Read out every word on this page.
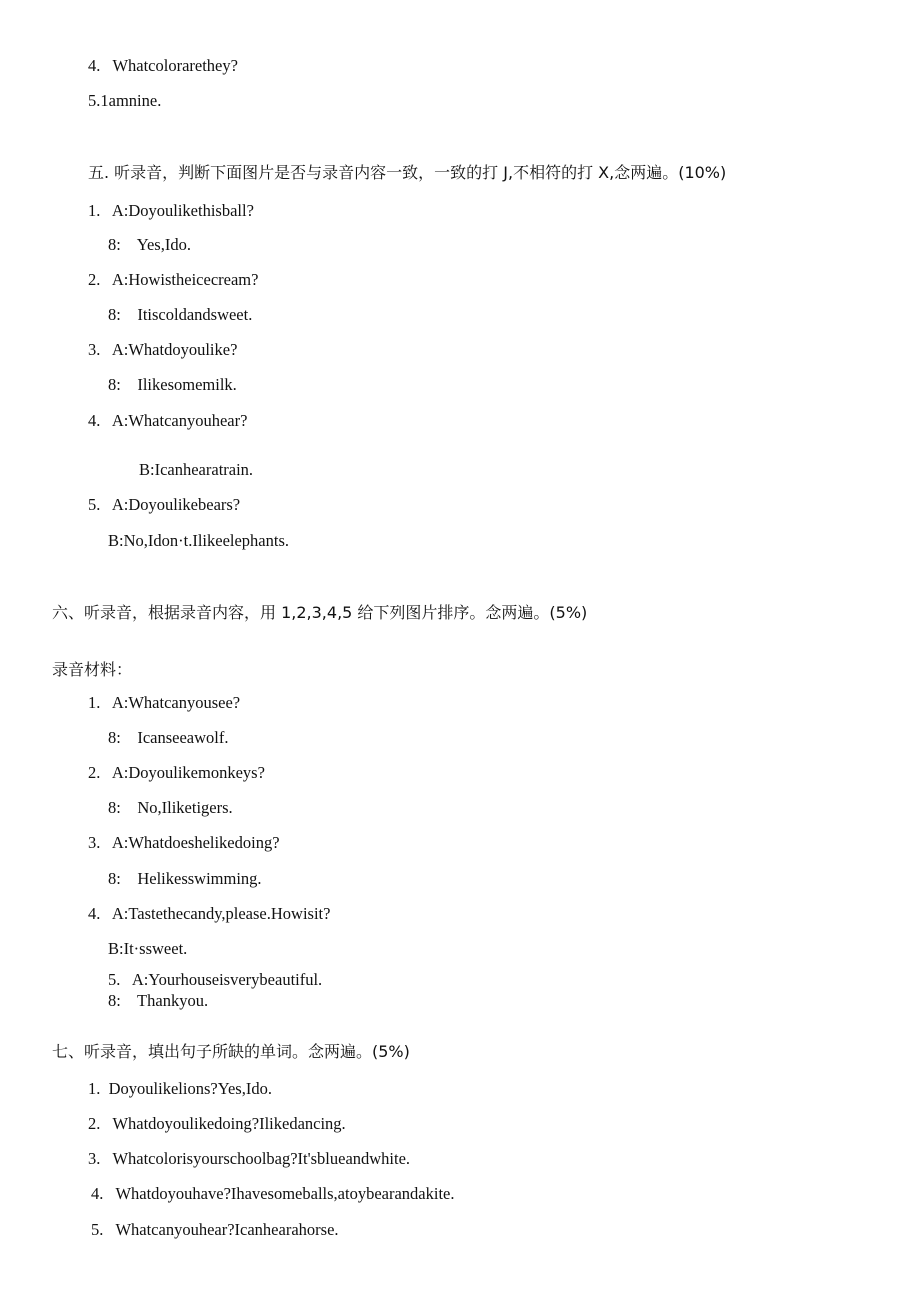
4.   Whatcolorarethey?
5.1amnine.
五. 听录音，判断下面图片是否与录音内容一致，一致的打 J,不相符的打 X,念两遍。(10%)
1.   A:Doyoulikethisball?
8:    Yes,Ido.
2.   A:Howistheicecream?
8:    Itiscoldandsweet.
3.   A:Whatdoyoulike?
8:    Ilikesomemilk.
4.   A:Whatcanyouhear?
B:Icanhearatrain.
5.   A:Doyoulikebears?
B:No,Idon·t.Ilikeelephants.
六、听录音，根据录音内容，用 1,2,3,4,5 给下列图片排序。念两遍。(5%)
录音材料：
1.   A:Whatcanyousee?
8:    Icanseeawolf.
2.   A:Doyoulikemonkeys?
8:    No,Iliketigers.
3.   A:Whatdoeshelikedoing?
8:    Helikesswimming.
4.   A:Tastethecandy,please.Howisit?
B:It·ssweet.
5.   A:Yourhouseisverybeautiful.
8:    Thankyou.
七、听录音，填出句子所缺的单词。念两遍。(5%)
1.  Doyoulikelions?Yes,Ido.
2.   Whatdoyoulikedoing?Ilikedancing.
3.   Whatcolorisyourschoolbag?It'sblueandwhite.
4.   Whatdoyouhave?Ihavesomeballs,atoybearandakite.
5.   Whatcanyouhear?Icanhearahorse.
